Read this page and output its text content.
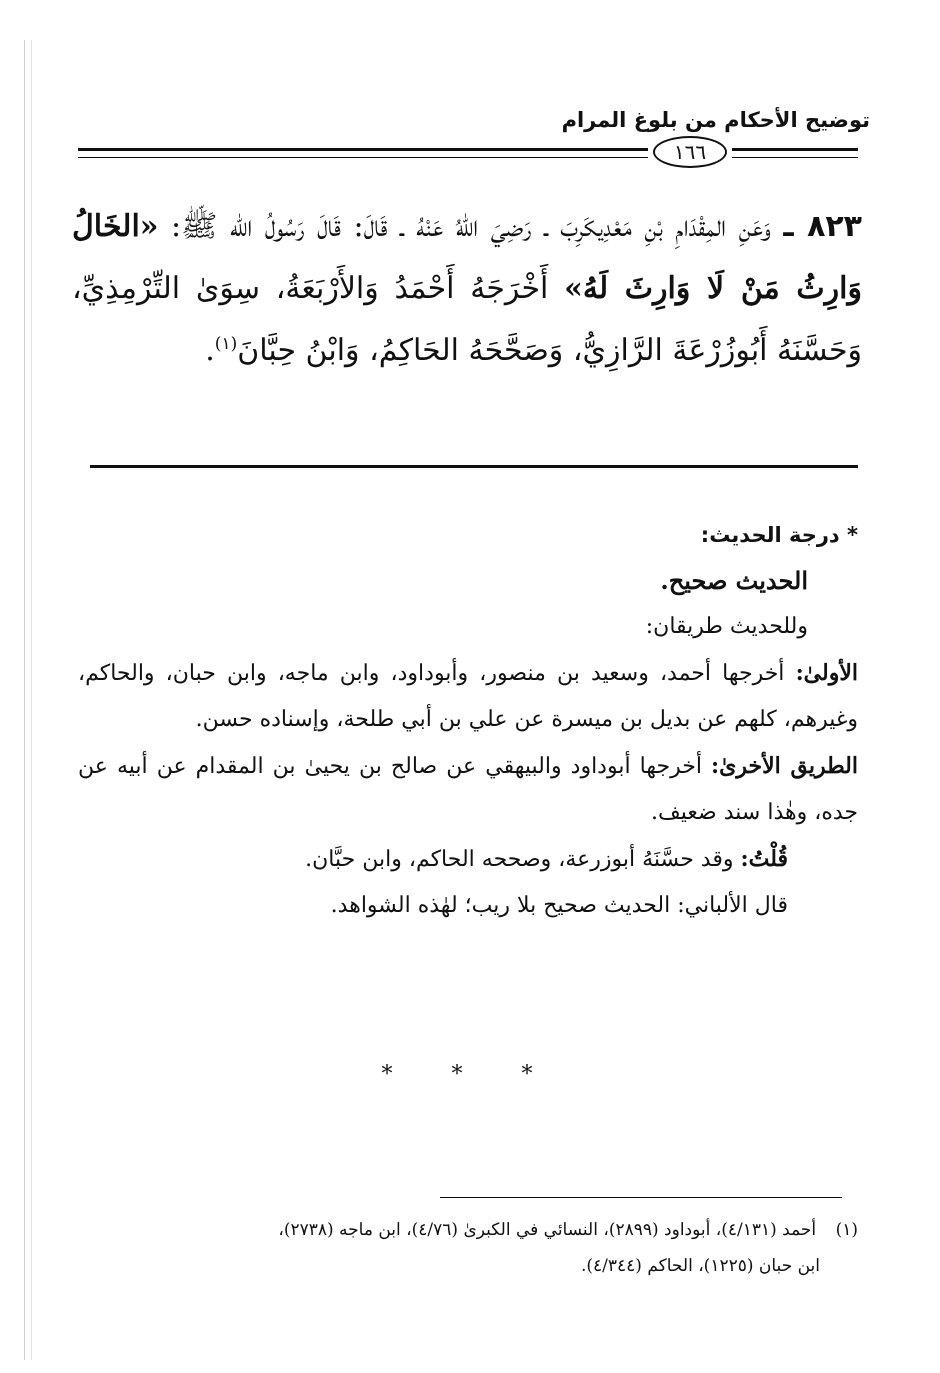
توضيح الأحكام من بلوغ المرام
١٦٦
٨٢٣ ـ وَعَنِ المِقْدَامِ بْنِ مَعْدِيكَرِبَ ـ رَضِيَ اللهُ عَنْهُ ـ قَالَ: قَالَ رَسُولُ الله ﷺ: «الخَالُ وَارِثُ مَنْ لَا وَارِثَ لَهُ» أَخْرَجَهُ أَحْمَدُ وَالأَرْبَعَةُ، سِوَىٰ التِّرْمِذِيِّ، وَحَسَّنَهُ أَبُوزُرْعَةَ الرَّازِيُّ، وَصَحَّحَهُ الحَاكِمُ، وَابْنُ حِبَّانَ$^{(١)}$.

* درجة الحديث:

الحديث صحيح.

وللحديث طريقان:

الأولىٰ: أخرجها أحمد، وسعيد بن منصور، وأبوداود، وابن ماجه، وابن حبان، والحاكم، وغيرهم، كلهم عن بديل بن ميسرة عن علي بن أبي طلحة، وإسناده حسن.

الطريق الأخرىٰ: أخرجها أبوداود والبيهقي عن صالح بن يحيىٰ بن المقدام عن أبيه عن جده، وهٰذا سند ضعيف.

قُلْتُ: وقد حسَّنَهُ أبوزرعة، وصححه الحاكم، وابن حبَّان.

قال الألباني: الحديث صحيح بلا ريب؛ لهٰذه الشواهد.

* * *

(١) أحمد (٤/١٣١)، أبوداود (٢٨٩٩)، النسائي في الكبرىٰ (٤/٧٦)، ابن ماجه (٢٧٣٨)،

ابن حبان (١٢٢٥)، الحاكم (٤/٣٤٤).
